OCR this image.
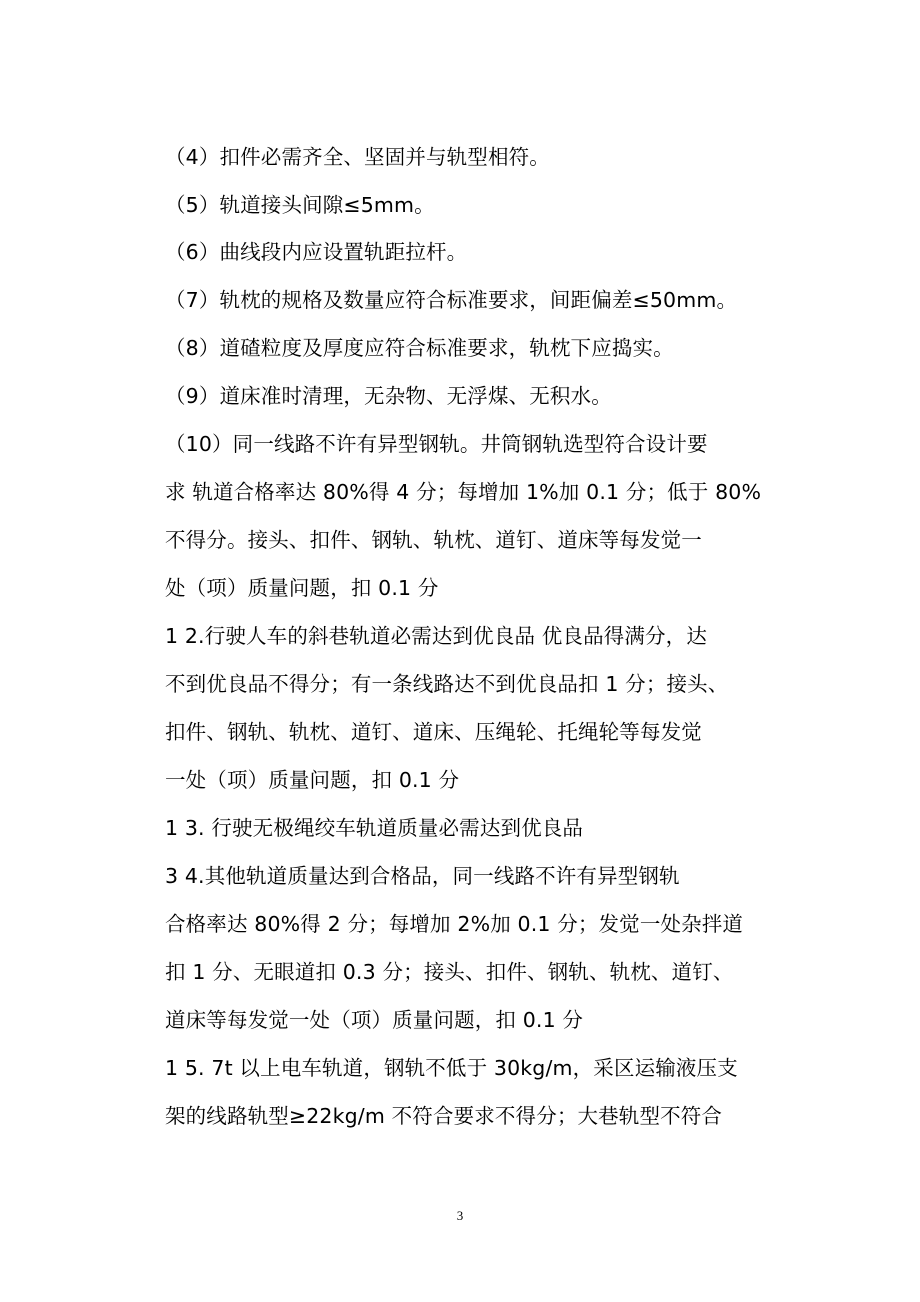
（4）扣件必需齐全、坚固并与轨型相符。
（5）轨道接头间隙≤5mm。
（6）曲线段内应设置轨距拉杆。
（7）轨枕的规格及数量应符合标准要求，间距偏差≤50mm。
（8）道碴粒度及厚度应符合标准要求，轨枕下应捣实。
（9）道床准时清理，无杂物、无浮煤、无积水。
（10）同一线路不许有异型钢轨。井筒钢轨选型符合设计要
求 轨道合格率达 80%得 4 分；每增加 1%加 0.1 分；低于 80%
不得分。接头、扣件、钢轨、轨枕、道钉、道床等每发觉一
处（项）质量问题，扣 0.1 分
1 2.行驶人车的斜巷轨道必需达到优良品 优良品得满分，达
不到优良品不得分；有一条线路达不到优良品扣 1 分；接头、
扣件、钢轨、轨枕、道钉、道床、压绳轮、托绳轮等每发觉
一处（项）质量问题，扣 0.1 分
1 3. 行驶无极绳绞车轨道质量必需达到优良品
3 4.其他轨道质量达到合格品，同一线路不许有异型钢轨
合格率达 80%得 2 分；每增加 2%加 0.1 分；发觉一处杂拌道
扣 1 分、无眼道扣 0.3 分；接头、扣件、钢轨、轨枕、道钉、
道床等每发觉一处（项）质量问题，扣 0.1 分
1 5. 7t 以上电车轨道，钢轨不低于 30kg/m，采区运输液压支
架的线路轨型≥22kg/m 不符合要求不得分；大巷轨型不符合
3
